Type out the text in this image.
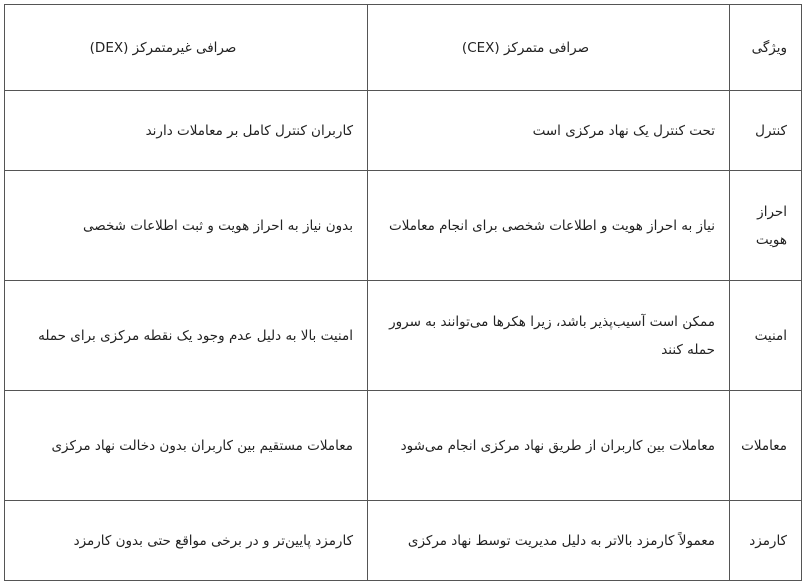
ویژگی	صرافی متمرکز (CEX)	صرافی غیرمتمرکز (DEX)
کنترل	تحت کنترل یک نهاد مرکزی است	کاربران کنترل کامل بر معاملات دارند
احراز هویت	نیاز به احراز هویت و اطلاعات شخصی برای انجام معاملات	بدون نیاز به احراز هویت و ثبت اطلاعات شخصی
امنیت	ممکن است آسیب‌پذیر باشد، زیرا هکرها می‌توانند به سرور حمله کنند	امنیت بالا به دلیل عدم وجود یک نقطه مرکزی برای حمله
معاملات	معاملات بین کاربران از طریق نهاد مرکزی انجام می‌شود	معاملات مستقیم بین کاربران بدون دخالت نهاد مرکزی
کارمزد	معمولاً کارمزد بالاتر به دلیل مدیریت توسط نهاد مرکزی	کارمزد پایین‌تر و در برخی مواقع حتی بدون کارمزد
